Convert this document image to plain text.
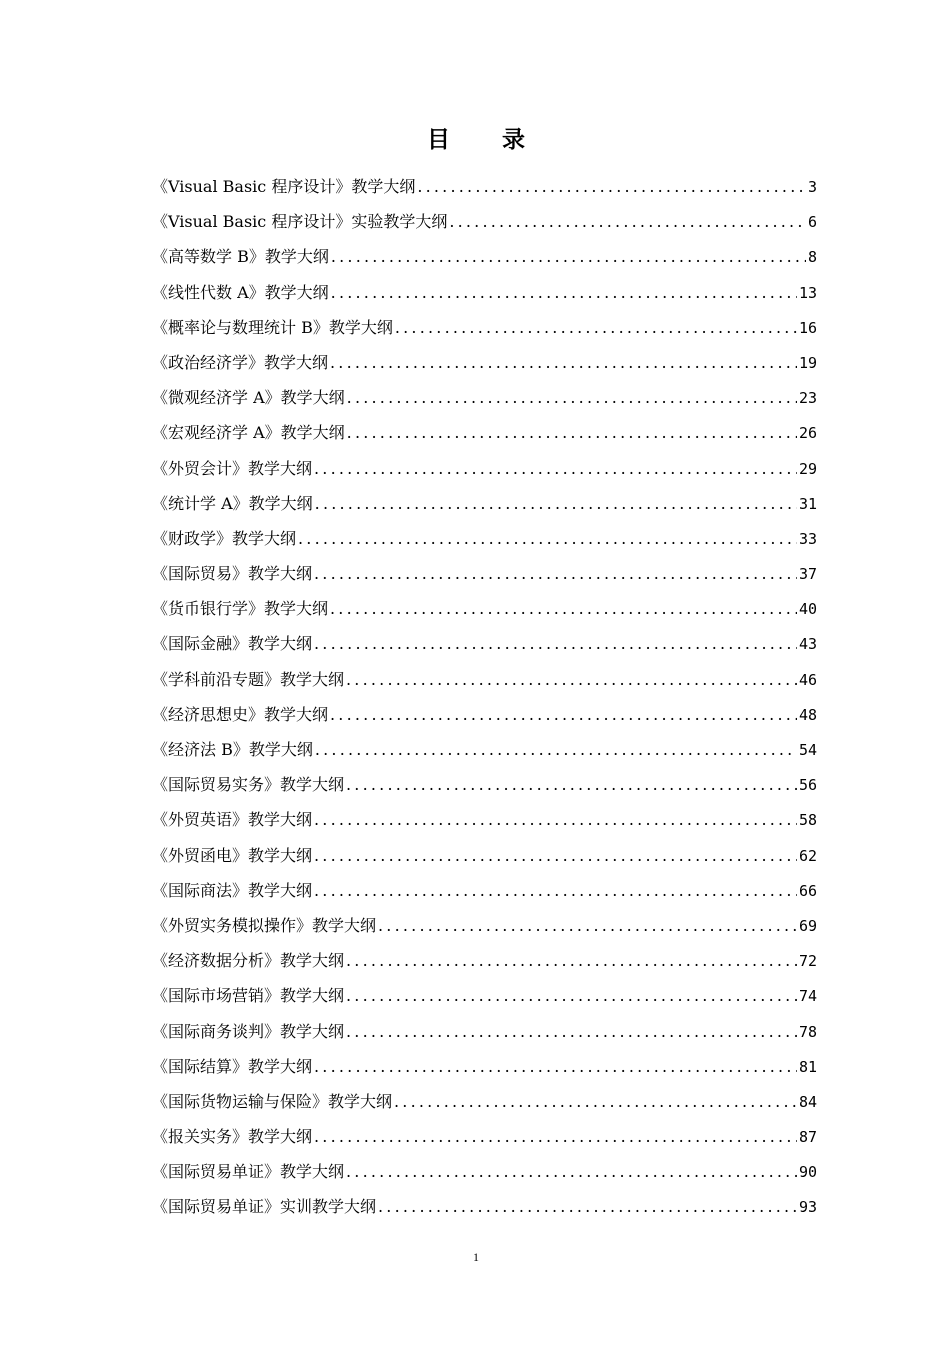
目 录
《Visual Basic 程序设计》教学大纲 .....	3
《Visual Basic 程序设计》实验教学大纲 .....	6
《高等数学 B》教学大纲 .....	8
《线性代数 A》教学大纲 .....	13
《概率论与数理统计 B》教学大纲 .....	16
《政治经济学》教学大纲 .....	19
《微观经济学 A》教学大纲 .....	23
《宏观经济学 A》教学大纲 .....	26
《外贸会计》教学大纲 .....	29
《统计学 A》教学大纲 .....	31
《财政学》教学大纲 .....	33
《国际贸易》教学大纲 .....	37
《货币银行学》教学大纲 .....	40
《国际金融》教学大纲 .....	43
《学科前沿专题》教学大纲 .....	46
《经济思想史》教学大纲 .....	48
《经济法 B》教学大纲 .....	54
《国际贸易实务》教学大纲 .....	56
《外贸英语》教学大纲 .....	58
《外贸函电》教学大纲 .....	62
《国际商法》教学大纲 .....	66
《外贸实务模拟操作》教学大纲 .....	69
《经济数据分析》教学大纲 .....	72
《国际市场营销》教学大纲 .....	74
《国际商务谈判》教学大纲 .....	78
《国际结算》教学大纲 .....	81
《国际货物运输与保险》教学大纲 .....	84
《报关实务》教学大纲 .....	87
《国际贸易单证》教学大纲 .....	90
《国际贸易单证》实训教学大纲 .....	93
1
